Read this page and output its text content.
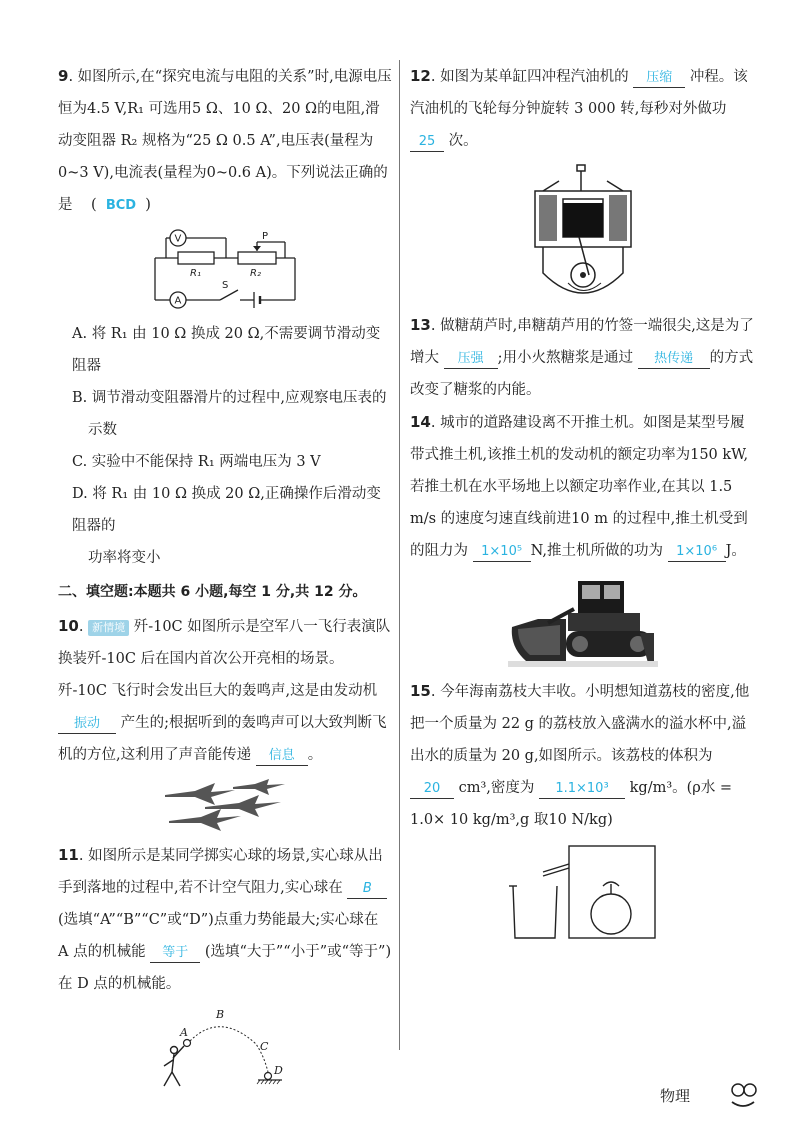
9. 如图所示,在“探究电流与电阻的关系”时,电源电压恒为4.5 V,R₁ 可选用5 Ω、10 Ω、20 Ω的电阻,滑动变阻器 R₂ 规格为“25 Ω 0.5 A”,电压表(量程为0~3 V),电流表(量程为0~0.6 A)。下列说法正确的是 ( BCD )

V
A
S
P
R₁	R₂

A. 将 R₁ 由 10 Ω 换成 20 Ω,不需要调节滑动变阻器

B. 调节滑动变阻器滑片的过程中,应观察电压表的

示数

C. 实验中不能保持 R₁ 两端电压为 3 V

D. 将 R₁ 由 10 Ω 换成 20 Ω,正确操作后滑动变阻器的

功率将变小

二、填空题:本题共 6 小题,每空 1 分,共 12 分。

10. 新情境 歼-10C 如图所示是空军八一飞行表演队换装歼-10C 后在国内首次公开亮相的场景。歼-10C 飞行时会发出巨大的轰鸣声,这是由发动机 振动 产生的;根据听到的轰鸣声可以大致判断飞机的方位,这利用了声音能传递 信息 。

11. 如图所示是某同学掷实心球的场景,实心球从出手到落地的过程中,若不计空气阻力,实心球在 B (选填“A”“B”“C”或“D”)点重力势能最大;实心球在 A 点的机械能 等于 (选填“大于”“小于”或“等于”)在 D 点的机械能。

A
B
C
D

12. 如图为某单缸四冲程汽油机的 压缩 冲程。该汽油机的飞轮每分钟旋转 3 000 转,每秒对外做功 25 次。

13. 做糖葫芦时,串糖葫芦用的竹签一端很尖,这是为了增大 压强 ;用小火熬糖浆是通过 热传递 的方式改变了糖浆的内能。

14. 城市的道路建设离不开推土机。如图是某型号履带式推土机,该推土机的发动机的额定功率为150 kW,若推土机在水平场地上以额定功率作业,在其以 1.5 m/s 的速度匀速直线前进10 m 的过程中,推土机受到的阻力为 1×10⁵ N,推土机所做的功为 1×10⁶ J。

15. 今年海南荔枝大丰收。小明想知道荔枝的密度,他把一个质量为 22 g 的荔枝放入盛满水的溢水杯中,溢出水的质量为 20 g,如图所示。该荔枝的体积为 20 cm³,密度为 1.1×10³ kg/m³。(ρ水 = 1.0× 10 kg/m³,g 取10 N/kg)

物理
